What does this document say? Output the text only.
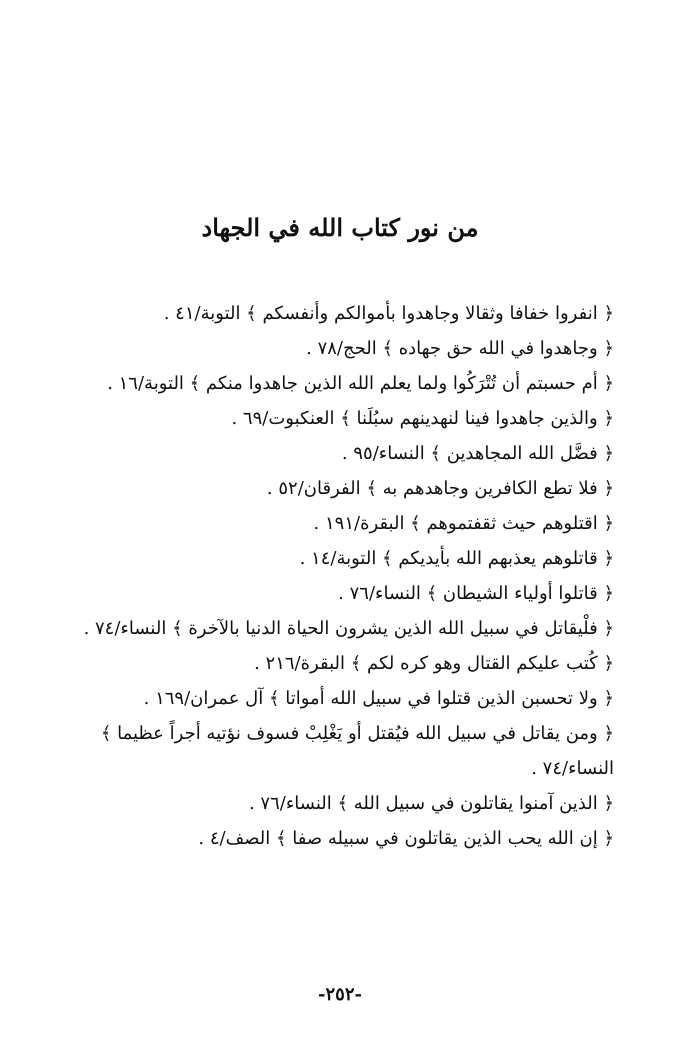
من نور كتاب الله في الجهاد
﴿ انفروا خفافا وثقالا وجاهدوا بأموالكم وأنفسكم ﴾ التوبة/٤١ .
﴿ وجاهدوا في الله حق جهاده ﴾ الحج/٧٨ .
﴿ أم حسبتم أن تُتْرَكُوا ولما يعلم الله الذين جاهدوا منكم ﴾ التوبة/١٦ .
﴿ والذين جاهدوا فينا لنهدينهم سبُلَنا ﴾ العنكبوت/٦٩ .
﴿ فضَّل الله المجاهدين ﴾ النساء/٩٥ .
﴿ فلا تطع الكافرين وجاهدهم به ﴾ الفرقان/٥٢ .
﴿ اقتلوهم حيث ثقفتموهم ﴾ البقرة/١٩١ .
﴿ قاتلوهم يعذبهم الله بأيديكم ﴾ التوبة/١٤ .
﴿ قاتلوا أولياء الشيطان ﴾ النساء/٧٦ .
﴿ فلْيقاتل في سبيل الله الذين يشرون الحياة الدنيا بالآخرة ﴾ النساء/٧٤ .
﴿ كُتب عليكم القتال وهو كره لكم ﴾ البقرة/٢١٦ .
﴿ ولا تحسبن الذين قتلوا في سبيل الله أمواتا ﴾ آل عمران/١٦٩ .
﴿ ومن يقاتل في سبيل الله فيُقتل أو يَغْلِبْ فسوف نؤتيه أجراً عظيما ﴾ النساء/٧٤ .
﴿ الذين آمنوا يقاتلون في سبيل الله ﴾ النساء/٧٦ .
﴿ إن الله يحب الذين يقاتلون في سبيله صفا ﴾ الصف/٤ .
-٢٥٢-
